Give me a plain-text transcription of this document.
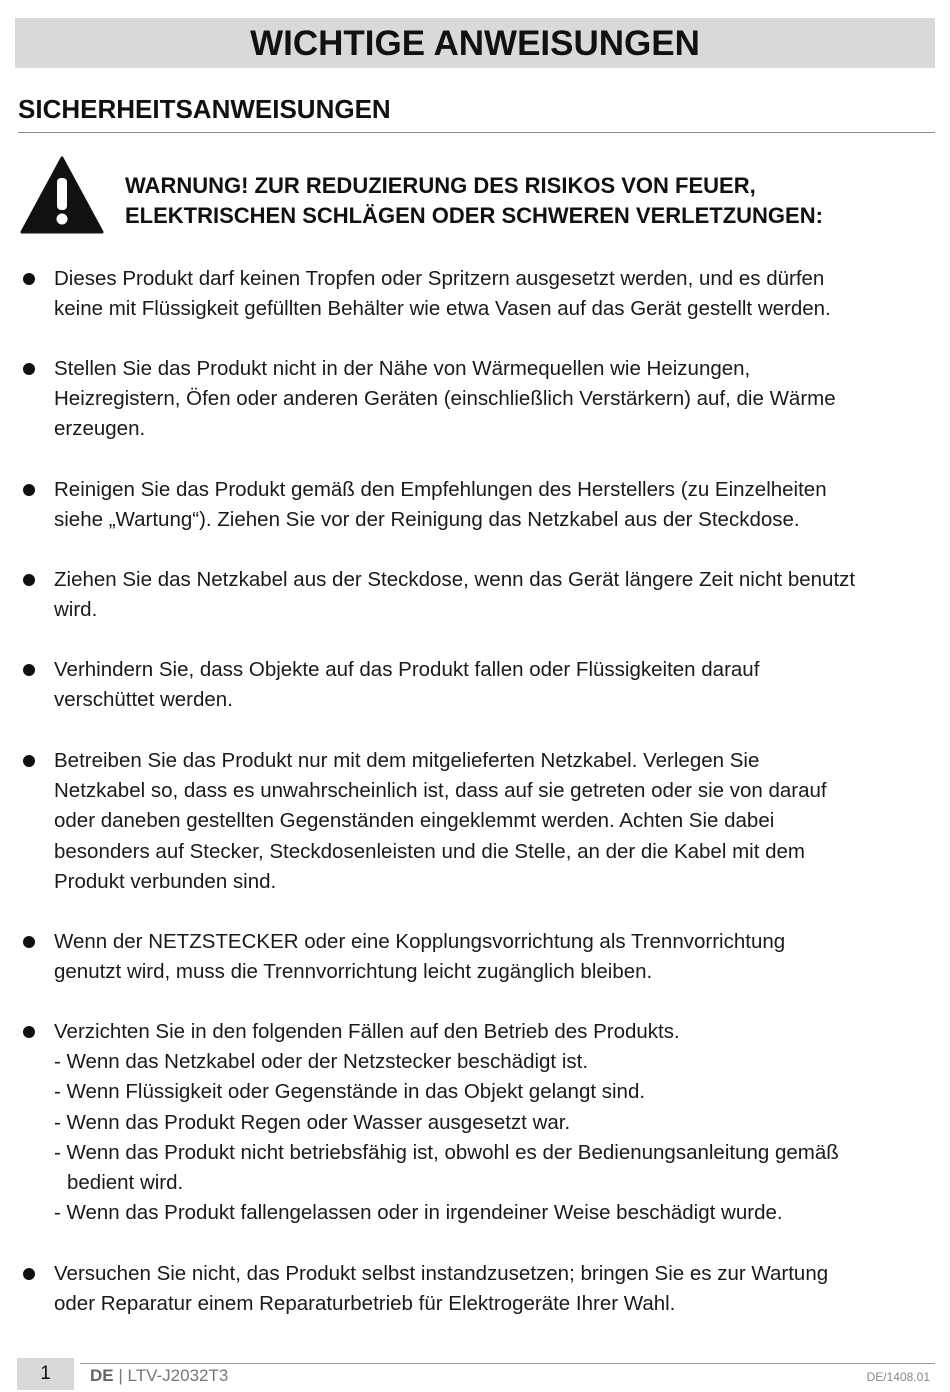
WICHTIGE ANWEISUNGEN
SICHERHEITSANWEISUNGEN
WARNUNG! ZUR REDUZIERUNG DES RISIKOS VON FEUER,
ELEKTRISCHEN SCHLÄGEN ODER SCHWEREN VERLETZUNGEN:
Dieses Produkt darf keinen Tropfen oder Spritzern ausgesetzt werden, und es dürfen
keine mit Flüssigkeit gefüllten Behälter wie etwa Vasen auf das Gerät gestellt werden.
Stellen Sie das Produkt nicht in der Nähe von Wärmequellen wie Heizungen,
Heizregistern, Öfen oder anderen Geräten (einschließlich Verstärkern) auf, die Wärme
erzeugen.
Reinigen Sie das Produkt gemäß den Empfehlungen des Herstellers (zu Einzelheiten
siehe „Wartung“). Ziehen Sie vor der Reinigung das Netzkabel aus der Steckdose.
Ziehen Sie das Netzkabel aus der Steckdose, wenn das Gerät längere Zeit nicht benutzt
wird.
Verhindern Sie, dass Objekte auf das Produkt fallen oder Flüssigkeiten darauf
verschüttet werden.
Betreiben Sie das Produkt nur mit dem mitgelieferten Netzkabel. Verlegen Sie
Netzkabel so, dass es unwahrscheinlich ist, dass auf sie getreten oder sie von darauf
oder daneben gestellten Gegenständen eingeklemmt werden. Achten Sie dabei
besonders auf Stecker, Steckdosenleisten und die Stelle, an der die Kabel mit dem
Produkt verbunden sind.
Wenn der NETZSTECKER oder eine Kopplungsvorrichtung als Trennvorrichtung
genutzt wird, muss die Trennvorrichtung leicht zugänglich bleiben.
Verzichten Sie in den folgenden Fällen auf den Betrieb des Produkts.
- Wenn das Netzkabel oder der Netzstecker beschädigt ist.
- Wenn Flüssigkeit oder Gegenstände in das Objekt gelangt sind.
- Wenn das Produkt Regen oder Wasser ausgesetzt war.
- Wenn das Produkt nicht betriebsfähig ist, obwohl es der Bedienungsanleitung gemäß
bedient wird.
- Wenn das Produkt fallengelassen oder in irgendeiner Weise beschädigt wurde.
Versuchen Sie nicht, das Produkt selbst instandzusetzen; bringen Sie es zur Wartung
oder Reparatur einem Reparaturbetrieb für Elektrogeräte Ihrer Wahl.
1	DE | LTV-J2032T3	DE/1408.01
